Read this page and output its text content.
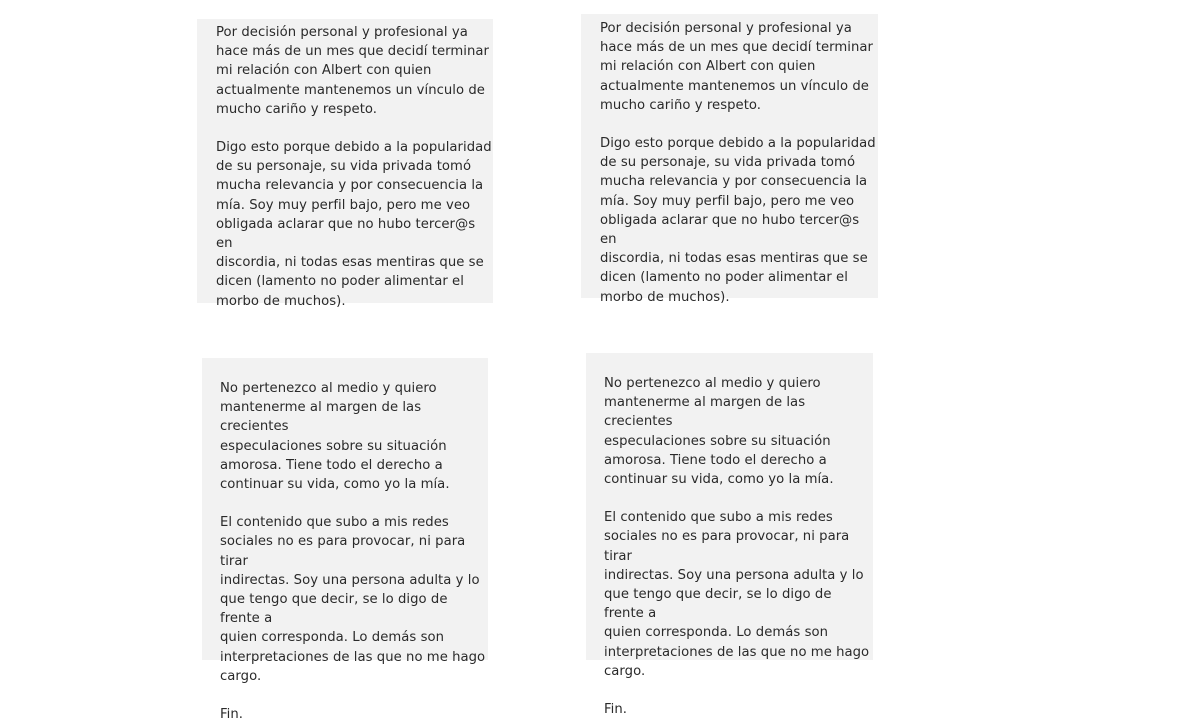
Por decisión personal y profesional ya
hace más de un mes que decidí terminar
mi relación con Albert con quien
actualmente mantenemos un vínculo de
mucho cariño y respeto.

Digo esto porque debido a la popularidad
de su personaje, su vida privada tomó
mucha relevancia y por consecuencia la
mía. Soy muy perfil bajo, pero me veo
obligada aclarar que no hubo tercer@s en
discordia, ni todas esas mentiras que se
dicen (lamento no poder alimentar el
morbo de muchos).

Por decisión personal y profesional ya
hace más de un mes que decidí terminar
mi relación con Albert con quien
actualmente mantenemos un vínculo de
mucho cariño y respeto.

Digo esto porque debido a la popularidad
de su personaje, su vida privada tomó
mucha relevancia y por consecuencia la
mía. Soy muy perfil bajo, pero me veo
obligada aclarar que no hubo tercer@s en
discordia, ni todas esas mentiras que se
dicen (lamento no poder alimentar el
morbo de muchos).

No pertenezco al medio y quiero
mantenerme al margen de las crecientes
especulaciones sobre su situación
amorosa. Tiene todo el derecho a
continuar su vida, como yo la mía.

El contenido que subo a mis redes
sociales no es para provocar, ni para tirar
indirectas. Soy una persona adulta y lo
que tengo que decir, se lo digo de frente a
quien corresponda. Lo demás son
interpretaciones de las que no me hago
cargo.

Fin.

No pertenezco al medio y quiero
mantenerme al margen de las crecientes
especulaciones sobre su situación
amorosa. Tiene todo el derecho a
continuar su vida, como yo la mía.

El contenido que subo a mis redes
sociales no es para provocar, ni para tirar
indirectas. Soy una persona adulta y lo
que tengo que decir, se lo digo de frente a
quien corresponda. Lo demás son
interpretaciones de las que no me hago
cargo.

Fin.
